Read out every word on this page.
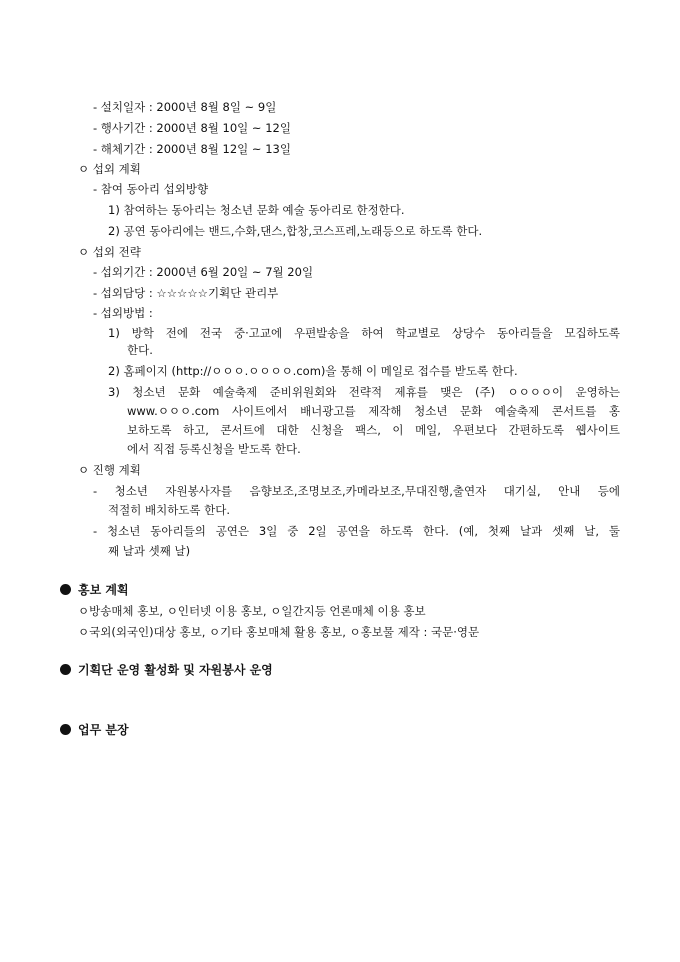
- 설치일자 : 2000년 8월 8일 ~ 9일
- 행사기간 : 2000년 8월 10일 ~ 12일
- 해체기간 : 2000년 8월 12일 ~ 13일
ㅇ 섭외 계획
- 참여 동아리 섭외방향
1) 참여하는 동아리는 청소년 문화 예술 동아리로 한정한다.
2) 공연 동아리에는 밴드,수화,댄스,합창,코스프레,노래등으로 하도록 한다.
ㅇ 섭외 전략
- 섭외기간 : 2000년 6월 20일 ~ 7월 20일
- 섭외담당 : ☆☆☆☆☆기획단 관리부
- 섭외방법 :
1) 방학 전에 전국 중·고교에 우편발송을 하여 학교별로 상당수 동아리들을 모집하도록
한다.
2) 홈페이지 (http://ㅇㅇㅇ.ㅇㅇㅇㅇ.com)을 통해 이 메일로 접수를 받도록 한다.
3) 청소년 문화 예술축제 준비위원회와 전략적 제휴를 맺은 (주) ㅇㅇㅇㅇ이 운영하는
www.ㅇㅇㅇ.com 사이트에서 배너광고를 제작해 청소년 문화 예술축제 콘서트를 홍
보하도록 하고, 콘서트에 대한 신청을 팩스, 이 메일, 우편보다 간편하도록 웹사이트
에서 직접 등록신청을 받도록 한다.
ㅇ 진행 계획
- 청소년 자원봉사자를 음향보조,조명보조,카메라보조,무대진행,출연자 대기실, 안내 등에
적절히 배치하도록 한다.
- 청소년 동아리들의 공연은 3일 중 2일 공연을 하도록 한다. (예, 첫째 날과 셋째 날, 둘
째 날과 셋째 날)
홍보 계획
ㅇ방송매체 홍보, ㅇ인터넷 이용 홍보, ㅇ일간지등 언론매체 이용 홍보
ㅇ국외(외국인)대상 홍보, ㅇ기타 홍보매체 활용 홍보, ㅇ홍보물 제작 : 국문·영문
기획단 운영 활성화 및 자원봉사 운영
업무 분장
